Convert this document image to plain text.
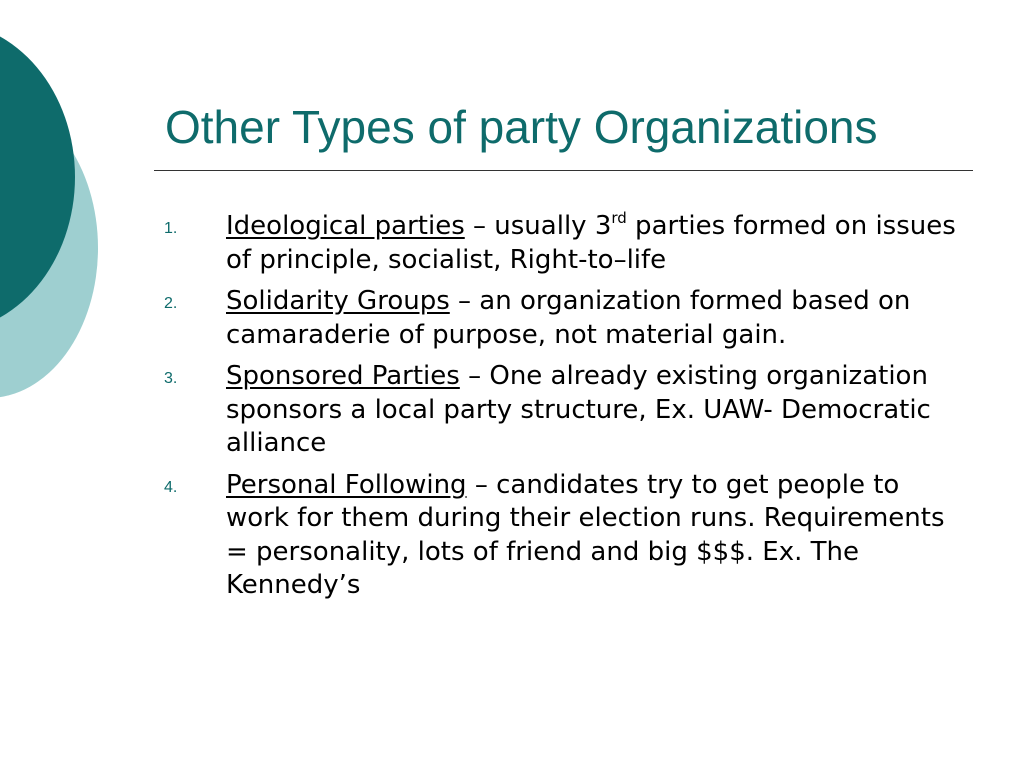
Other Types of party Organizations
1. Ideological parties – usually 3rd parties formed on issues of principle, socialist, Right-to–life
2. Solidarity Groups – an organization formed based on camaraderie of purpose, not material gain.
3. Sponsored Parties – One already existing organization sponsors a local party structure, Ex. UAW- Democratic alliance
4. Personal Following – candidates try to get people to work for them during their election runs. Requirements = personality, lots of friend and big $$$. Ex. The Kennedy’s
